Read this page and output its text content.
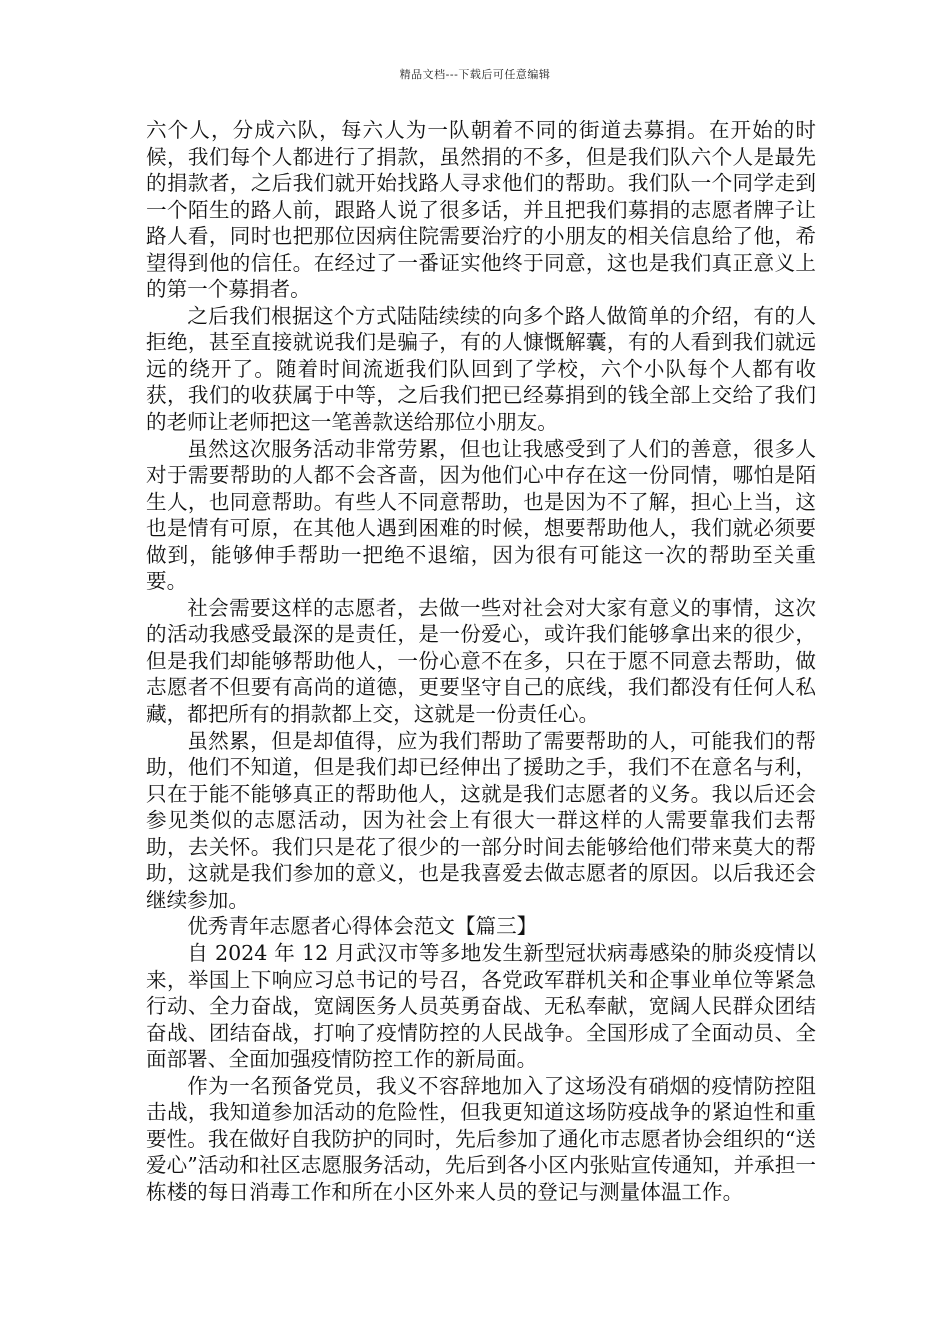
精品文档---下载后可任意编辑

六个人，分成六队，每六人为一队朝着不同的街道去募捐。在开始的时候，我们每个人都进行了捐款，虽然捐的不多，但是我们队六个人是最先的捐款者，之后我们就开始找路人寻求他们的帮助。我们队一个同学走到一个陌生的路人前，跟路人说了很多话，并且把我们募捐的志愿者牌子让路人看，同时也把那位因病住院需要治疗的小朋友的相关信息给了他，希望得到他的信任。在经过了一番证实他终于同意，这也是我们真正意义上的第一个募捐者。

之后我们根据这个方式陆陆续续的向多个路人做简单的介绍，有的人拒绝，甚至直接就说我们是骗子，有的人慷慨解囊，有的人看到我们就远远的绕开了。随着时间流逝我们队回到了学校，六个小队每个人都有收获，我们的收获属于中等，之后我们把已经募捐到的钱全部上交给了我们的老师让老师把这一笔善款送给那位小朋友。

虽然这次服务活动非常劳累，但也让我感受到了人们的善意，很多人对于需要帮助的人都不会吝啬，因为他们心中存在这一份同情，哪怕是陌生人，也同意帮助。有些人不同意帮助，也是因为不了解，担心上当，这也是情有可原，在其他人遇到困难的时候，想要帮助他人，我们就必须要做到，能够伸手帮助一把绝不退缩，因为很有可能这一次的帮助至关重要。

社会需要这样的志愿者，去做一些对社会对大家有意义的事情，这次的活动我感受最深的是责任，是一份爱心，或许我们能够拿出来的很少，但是我们却能够帮助他人，一份心意不在多，只在于愿不同意去帮助，做志愿者不但要有高尚的道德，更要坚守自己的底线，我们都没有任何人私藏，都把所有的捐款都上交，这就是一份责任心。

虽然累，但是却值得，应为我们帮助了需要帮助的人，可能我们的帮助，他们不知道，但是我们却已经伸出了援助之手，我们不在意名与利，只在于能不能够真正的帮助他人，这就是我们志愿者的义务。我以后还会参见类似的志愿活动，因为社会上有很大一群这样的人需要靠我们去帮助，去关怀。我们只是花了很少的一部分时间去能够给他们带来莫大的帮助，这就是我们参加的意义，也是我喜爱去做志愿者的原因。以后我还会继续参加。

优秀青年志愿者心得体会范文【篇三】

自 2024 年 12 月武汉市等多地发生新型冠状病毒感染的肺炎疫情以来，举国上下响应习总书记的号召，各党政军群机关和企事业单位等紧急行动、全力奋战，宽阔医务人员英勇奋战、无私奉献，宽阔人民群众团结奋战、团结奋战，打响了疫情防控的人民战争。全国形成了全面动员、全面部署、全面加强疫情防控工作的新局面。

作为一名预备党员，我义不容辞地加入了这场没有硝烟的疫情防控阻击战，我知道参加活动的危险性，但我更知道这场防疫战争的紧迫性和重要性。我在做好自我防护的同时，先后参加了通化市志愿者协会组织的“送爱心”活动和社区志愿服务活动，先后到各小区内张贴宣传通知，并承担一栋楼的每日消毒工作和所在小区外来人员的登记与测量体温工作。
